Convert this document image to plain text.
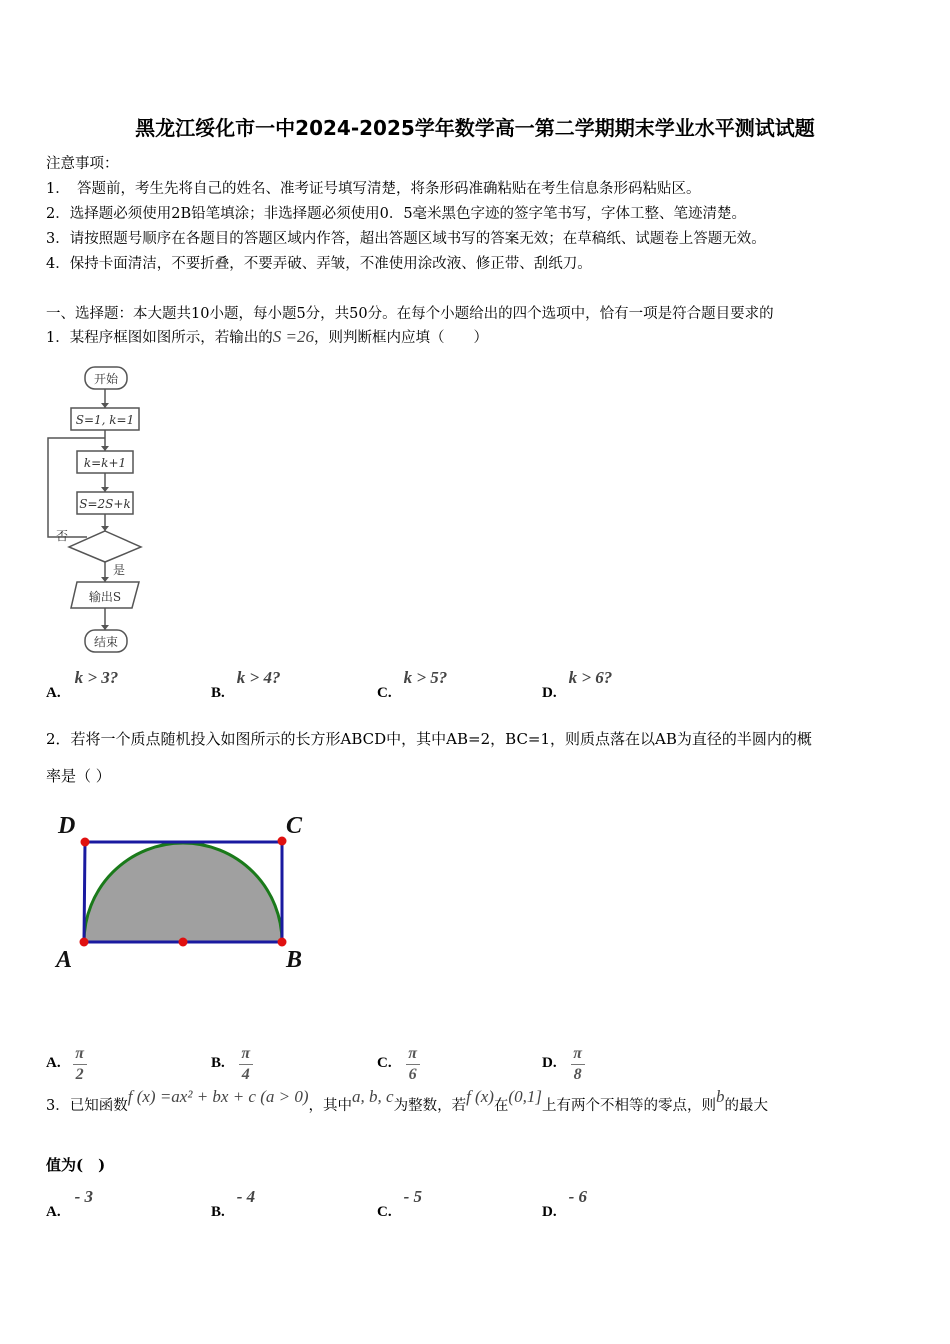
黑龙江绥化市一中2024-2025学年数学高一第二学期期末学业水平测试试题
注意事项：
1．　答题前，考生先将自己的姓名、准考证号填写清楚，将条形码准确粘贴在考生信息条形码粘贴区。
2．选择题必须使用2B铅笔填涂；非选择题必须使用0．5毫米黑色字迹的签字笔书写，字体工整、笔迹清楚。
3．请按照题号顺序在各题目的答题区域内作答，超出答题区域书写的答案无效；在草稿纸、试题卷上答题无效。
4．保持卡面清洁，不要折叠，不要弄破、弄皱，不准使用涂改液、修正带、刮纸刀。
一、选择题：本大题共10小题，每小题5分，共50分。在每个小题给出的四个选项中，恰有一项是符合题目要求的
1．某程序框图如图所示，若输出的S =26，则判断框内应填（　　）
开始
S=1, k=1
k=k+1
S=2S+k
否
是
输出S
结束
A.k > 3?
B.k > 4?
C.k > 5?
D.k > 6?
2．若将一个质点随机投入如图所示的长方形ABCD中，其中AB=2，BC=1，则质点落在以AB为直径的半圆内的概
率是（ ）
D	C
A	B
A. $\frac{\pi}{2}$	B. $\frac{\pi}{4}$	C. $\frac{\pi}{6}$	D. $\frac{\pi}{8}$
3．已知函数f (x) =ax² + bx + c (a > 0)，其中a, b, c为整数，若f (x)在(0,1]上有两个不相等的零点，则b的最大
值为(　)
A.- 3
B.- 4
C.- 5
D.- 6
